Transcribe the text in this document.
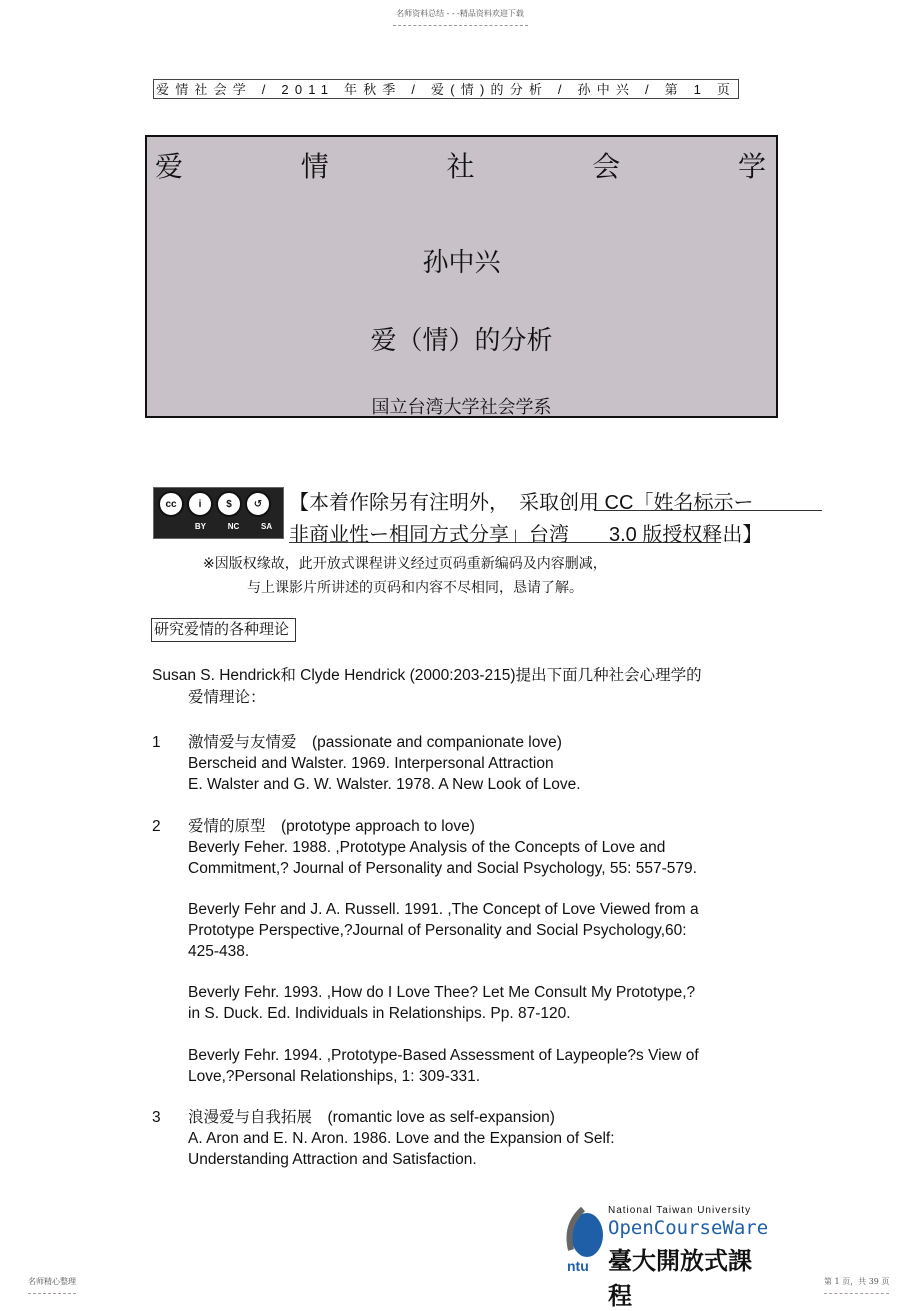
名师资料总结 - - -精品资料欢迎下载
爱情社会学 / 2011 年秋季 / 爱(情)的分析 / 孙中兴 / 第 1 页
爱	情	社	会	学
孙中兴
爱（情）的分析
国立台湾大学社会学系
cc	i	$	↺
BY	NC	SA
【本着作除另有注明外，　采取创用 CC「姓名标示ー
非商业性ー相同方式分享」台湾　　3.0 版授权释出】
※因版权缘故，此开放式课程讲义经过页码重新编码及内容删减，
与上课影片所讲述的页码和内容不尽相同，恳请了解。
研究爱情的各种理论
Susan S. Hendrick和 Clyde Hendrick (2000:203-215)提出下面几种社会心理学的
爱情理论：
1 激情爱与友情爱　(passionate and companionate love)
Berscheid and Walster. 1969. Interpersonal Attraction
E. Walster and G. W. Walster. 1978. A New Look of Love.
2 爱情的原型　(prototype approach to love)
Beverly Feher. 1988. ,Prototype Analysis of the Concepts of Love and
Commitment,? Journal of Personality and Social Psychology, 55: 557-579.
Beverly Fehr and J. A. Russell. 1991. ,The Concept of Love Viewed from a
Prototype Perspective,?Journal of Personality and Social Psychology,60:
425-438.
Beverly Fehr. 1993. ,How do I Love Thee? Let Me Consult My Prototype,?
in S. Duck. Ed. Individuals in Relationships. Pp. 87-120.
Beverly Fehr. 1994. ,Prototype-Based Assessment of Laypeople?s View of
Love,?Personal Relationships, 1: 309-331.
3 浪漫爱与自我拓展　(romantic love as self-expansion)
A. Aron and E. N. Aron. 1986. Love and the Expansion of Self:
Understanding Attraction and Satisfaction.
ntu
National Taiwan University
OpenCourseWare
臺大開放式課程
名师精心整理	第 1 页，共 39 页
